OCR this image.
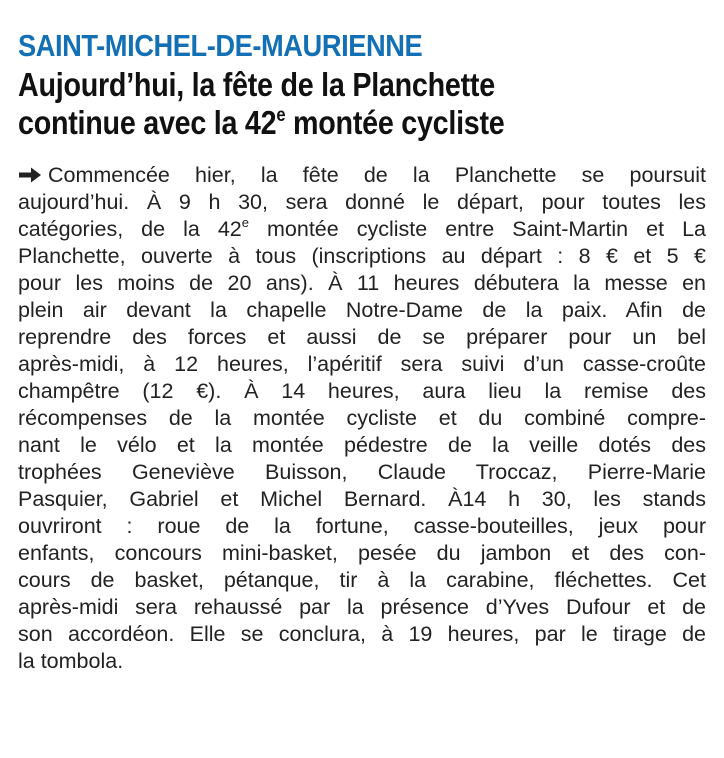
SAINT-MICHEL-DE-MAURIENNE
Aujourd’hui, la fête de la Planchette
continue avec la 42e montée cycliste
Commencée hier, la fête de la Planchette se poursuit
aujourd’hui. À 9 h 30, sera donné le départ, pour toutes les
catégories, de la 42e montée cycliste entre Saint-Martin et La
Planchette, ouverte à tous (inscriptions au départ : 8 € et 5 €
pour les moins de 20 ans). À 11 heures débutera la messe en
plein air devant la chapelle Notre-Dame de la paix. Afin de
reprendre des forces et aussi de se préparer pour un bel
après-midi, à 12 heures, l’apéritif sera suivi d’un casse-croûte
champêtre (12 €). À 14 heures, aura lieu la remise des
récompenses de la montée cycliste et du combiné compre-
nant le vélo et la montée pédestre de la veille dotés des
trophées Geneviève Buisson, Claude Troccaz, Pierre-Marie
Pasquier, Gabriel et Michel Bernard. À14 h 30, les stands
ouvriront : roue de la fortune, casse-bouteilles, jeux pour
enfants, concours mini-basket, pesée du jambon et des con-
cours de basket, pétanque, tir à la carabine, fléchettes. Cet
après-midi sera rehaussé par la présence d’Yves Dufour et de
son accordéon. Elle se conclura, à 19 heures, par le tirage de
la tombola.
